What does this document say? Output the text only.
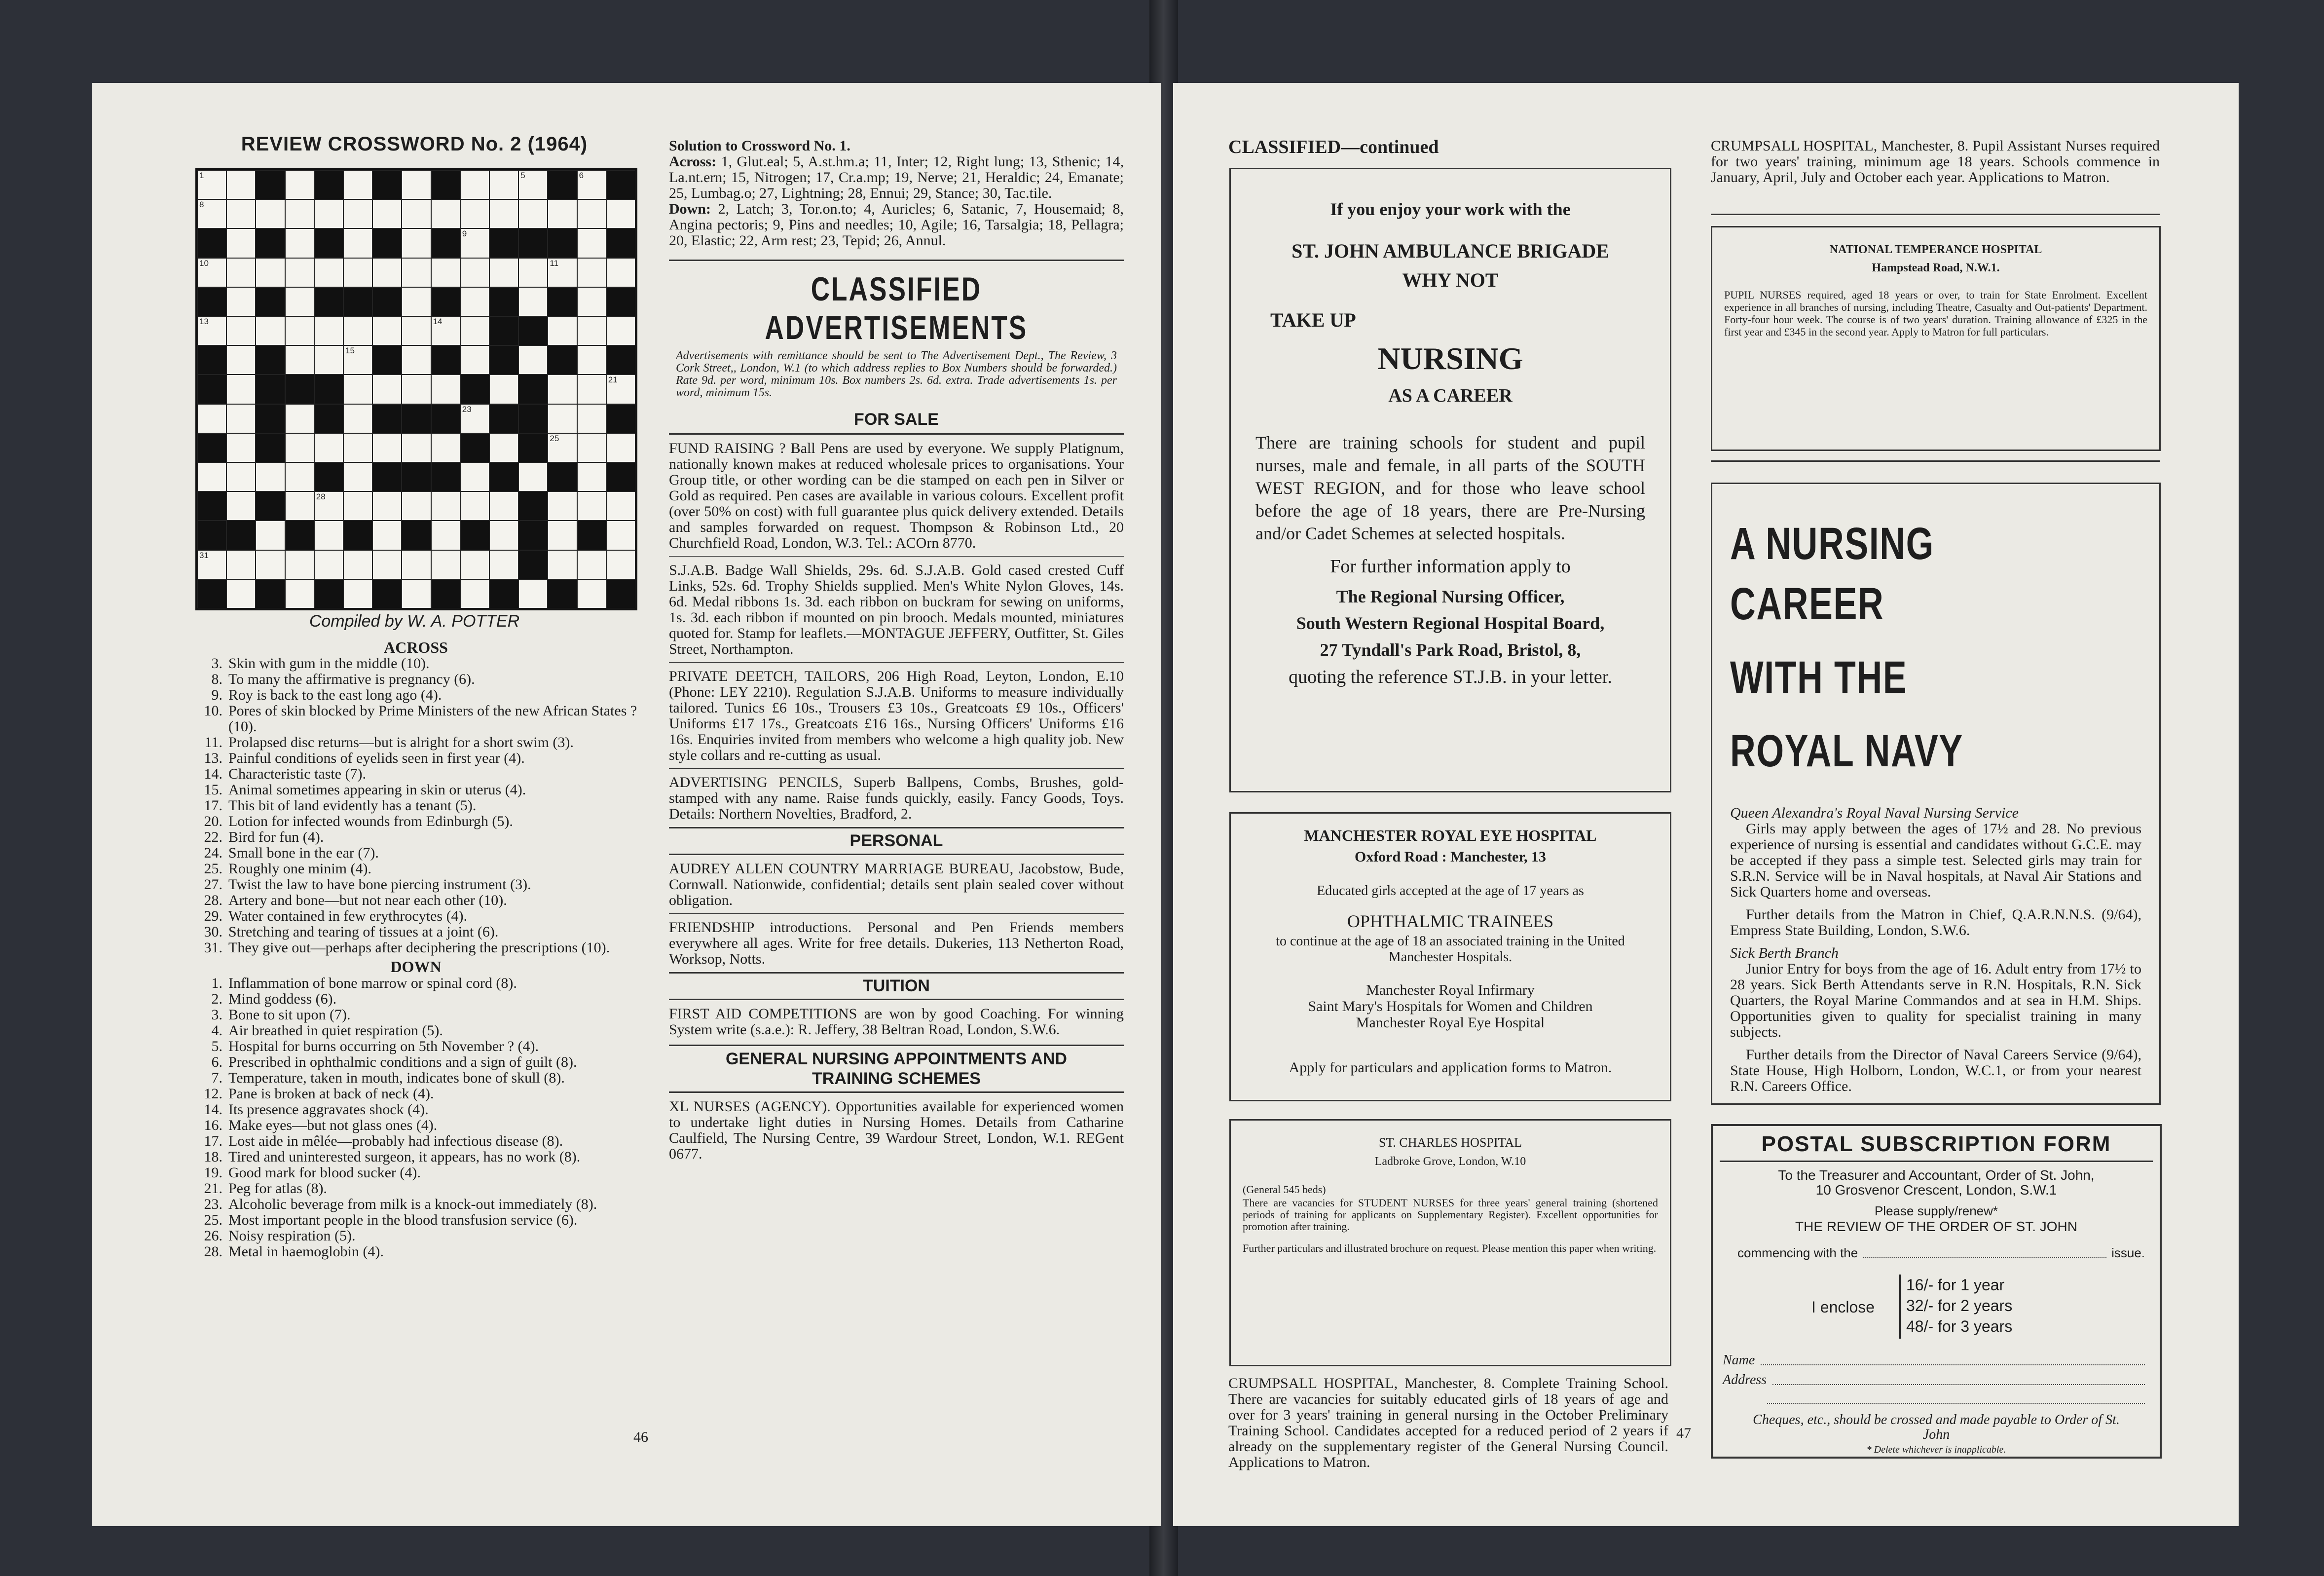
REVIEW CROSSWORD No. 2 (1964)
1	5	6
8
9
10	11
13	14
15
21
23
25
28
31
Compiled by W. A. POTTER
ACROSS
3. Skin with gum in the middle (10).
8. To many the affirmative is pregnancy (6).
9. Roy is back to the east long ago (4).
10. Pores of skin blocked by Prime Ministers of the new African States ? (10).
11. Prolapsed disc returns—but is alright for a short swim (3).
13. Painful conditions of eyelids seen in first year (4).
14. Characteristic taste (7).
15. Animal sometimes appearing in skin or uterus (4).
17. This bit of land evidently has a tenant (5).
20. Lotion for infected wounds from Edinburgh (5).
22. Bird for fun (4).
24. Small bone in the ear (7).
25. Roughly one minim (4).
27. Twist the law to have bone piercing instrument (3).
28. Artery and bone—but not near each other (10).
29. Water contained in few erythrocytes (4).
30. Stretching and tearing of tissues at a joint (6).
31. They give out—perhaps after deciphering the prescriptions (10).
DOWN
1. Inflammation of bone marrow or spinal cord (8).
2. Mind goddess (6).
3. Bone to sit upon (7).
4. Air breathed in quiet respiration (5).
5. Hospital for burns occurring on 5th November ? (4).
6. Prescribed in ophthalmic conditions and a sign of guilt (8).
7. Temperature, taken in mouth, indicates bone of skull (8).
12. Pane is broken at back of neck (4).
14. Its presence aggravates shock (4).
16. Make eyes—but not glass ones (4).
17. Lost aide in mêlée—probably had infectious disease (8).
18. Tired and uninterested surgeon, it appears, has no work (8).
19. Good mark for blood sucker (4).
21. Peg for atlas (8).
23. Alcoholic beverage from milk is a knock-out immediately (8).
25. Most important people in the blood transfusion service (6).
26. Noisy respiration (5).
28. Metal in haemoglobin (4).
Solution to Crossword No. 1.
Across: 1, Glut.eal; 5, A.st.hm.a; 11, Inter; 12, Right lung; 13, Sthenic; 14, La.nt.ern; 15, Nitrogen; 17, Cr.a.mp; 19, Nerve; 21, Heraldic; 24, Emanate; 25, Lumbag.o; 27, Lightning; 28, Ennui; 29, Stance; 30, Tac.tile.
Down: 2, Latch; 3, Tor.on.to; 4, Auricles; 6, Satanic, 7, Housemaid; 8, Angina pectoris; 9, Pins and needles; 10, Agile; 16, Tarsalgia; 18, Pellagra; 20, Elastic; 22, Arm rest; 23, Tepid; 26, Annul.
CLASSIFIED ADVERTISEMENTS
Advertisements with remittance should be sent to The Advertisement Dept., The Review, 3 Cork Street,, London, W.1 (to which address replies to Box Numbers should be forwarded.) Rate 9d. per word, minimum 10s. Box numbers 2s. 6d. extra. Trade advertisements 1s. per word, minimum 15s.
FOR SALE
FUND RAISING ? Ball Pens are used by everyone. We supply Platignum, nationally known makes at reduced wholesale prices to organisations. Your Group title, or other wording can be die stamped on each pen in Silver or Gold as required. Pen cases are available in various colours. Excellent profit (over 50% on cost) with full guarantee plus quick delivery extended. Details and samples forwarded on request. Thompson & Robinson Ltd., 20 Churchfield Road, London, W.3. Tel.: ACOrn 8770.
S.J.A.B. Badge Wall Shields, 29s. 6d. S.J.A.B. Gold cased crested Cuff Links, 52s. 6d. Trophy Shields supplied. Men's White Nylon Gloves, 14s. 6d. Medal ribbons 1s. 3d. each ribbon on buckram for sewing on uniforms, 1s. 3d. each ribbon if mounted on pin brooch. Medals mounted, miniatures quoted for. Stamp for leaflets.—MONTAGUE JEFFERY, Outfitter, St. Giles Street, Northampton.
PRIVATE DEETCH, TAILORS, 206 High Road, Leyton, London, E.10 (Phone: LEY 2210). Regulation S.J.A.B. Uniforms to measure individually tailored. Tunics £6 10s., Trousers £3 10s., Greatcoats £9 10s., Officers' Uniforms £17 17s., Greatcoats £16 16s., Nursing Officers' Uniforms £16 16s. Enquiries invited from members who welcome a high quality job. New style collars and re-cutting as usual.
ADVERTISING PENCILS, Superb Ballpens, Combs, Brushes, gold-stamped with any name. Raise funds quickly, easily. Fancy Goods, Toys. Details: Northern Novelties, Bradford, 2.
PERSONAL
AUDREY ALLEN COUNTRY MARRIAGE BUREAU, Jacobstow, Bude, Cornwall. Nationwide, confidential; details sent plain sealed cover without obligation.
FRIENDSHIP introductions. Personal and Pen Friends members everywhere all ages. Write for free details. Dukeries, 113 Netherton Road, Worksop, Notts.
TUITION
FIRST AID COMPETITIONS are won by good Coaching. For winning System write (s.a.e.): R. Jeffery, 38 Beltran Road, London, S.W.6.
GENERAL NURSING APPOINTMENTS AND TRAINING SCHEMES
XL NURSES (AGENCY). Opportunities available for experienced women to undertake light duties in Nursing Homes. Details from Catharine Caulfield, The Nursing Centre, 39 Wardour Street, London, W.1. REGent 0677.
46
CLASSIFIED—continued
If you enjoy your work with the
ST. JOHN AMBULANCE BRIGADE
WHY NOT
TAKE UP
NURSING
AS A CAREER
There are training schools for student and pupil nurses, male and female, in all parts of the SOUTH WEST REGION, and for those who leave school before the age of 18 years, there are Pre-Nursing and/or Cadet Schemes at selected hospitals.
For further information apply to
The Regional Nursing Officer,
South Western Regional Hospital Board,
27 Tyndall's Park Road, Bristol, 8,
quoting the reference ST.J.B. in your letter.
MANCHESTER ROYAL EYE HOSPITAL
Oxford Road : Manchester, 13
Educated girls accepted at the age of 17 years as
OPHTHALMIC TRAINEES
to continue at the age of 18 an associated training in the United Manchester Hospitals.
Manchester Royal Infirmary
Saint Mary's Hospitals for Women and Children
Manchester Royal Eye Hospital
Apply for particulars and application forms to Matron.
ST. CHARLES HOSPITAL
Ladbroke Grove, London, W.10
(General 545 beds)
There are vacancies for STUDENT NURSES for three years' general training (shortened periods of training for applicants on Supplementary Register). Excellent opportunities for promotion after training.
Further particulars and illustrated brochure on request. Please mention this paper when writing.
CRUMPSALL HOSPITAL, Manchester, 8. Complete Training School. There are vacancies for suitably educated girls of 18 years of age and over for 3 years' training in general nursing in the October Preliminary Training School. Candidates accepted for a reduced period of 2 years if already on the supplementary register of the General Nursing Council. Applications to Matron.
47
CRUMPSALL HOSPITAL, Manchester, 8. Pupil Assistant Nurses required for two years' training, minimum age 18 years. Schools commence in January, April, July and October each year. Applications to Matron.
NATIONAL TEMPERANCE HOSPITAL
Hampstead Road, N.W.1.
PUPIL NURSES required, aged 18 years or over, to train for State Enrolment. Excellent experience in all branches of nursing, including Theatre, Casualty and Out-patients' Department. Forty-four hour week. The course is of two years' duration. Training allowance of £325 in the first year and £345 in the second year. Apply to Matron for full particulars.
A NURSING CAREER
WITH THE
ROYAL NAVY
Queen Alexandra's Royal Naval Nursing Service
Girls may apply between the ages of 17½ and 28. No previous experience of nursing is essential and candidates without G.C.E. may be accepted if they pass a simple test. Selected girls may train for S.R.N. Service will be in Naval hospitals, at Naval Air Stations and Sick Quarters home and overseas.
Further details from the Matron in Chief, Q.A.R.N.N.S. (9/64), Empress State Building, London, S.W.6.
Sick Berth Branch
Junior Entry for boys from the age of 16. Adult entry from 17½ to 28 years. Sick Berth Attendants serve in R.N. Hospitals, R.N. Sick Quarters, the Royal Marine Commandos and at sea in H.M. Ships. Opportunities given to quality for specialist training in many subjects.
Further details from the Director of Naval Careers Service (9/64), State House, High Holborn, London, W.C.1, or from your nearest R.N. Careers Office.
POSTAL SUBSCRIPTION FORM
To the Treasurer and Accountant, Order of St. John,
10 Grosvenor Crescent, London, S.W.1
Please supply/renew*
THE REVIEW OF THE ORDER OF ST. JOHN
commencing with the	issue.
I enclose
16/- for 1 year
32/- for 2 years
48/- for 3 years
Name
Address
Cheques, etc., should be crossed and made payable to Order of St. John
* Delete whichever is inapplicable.
